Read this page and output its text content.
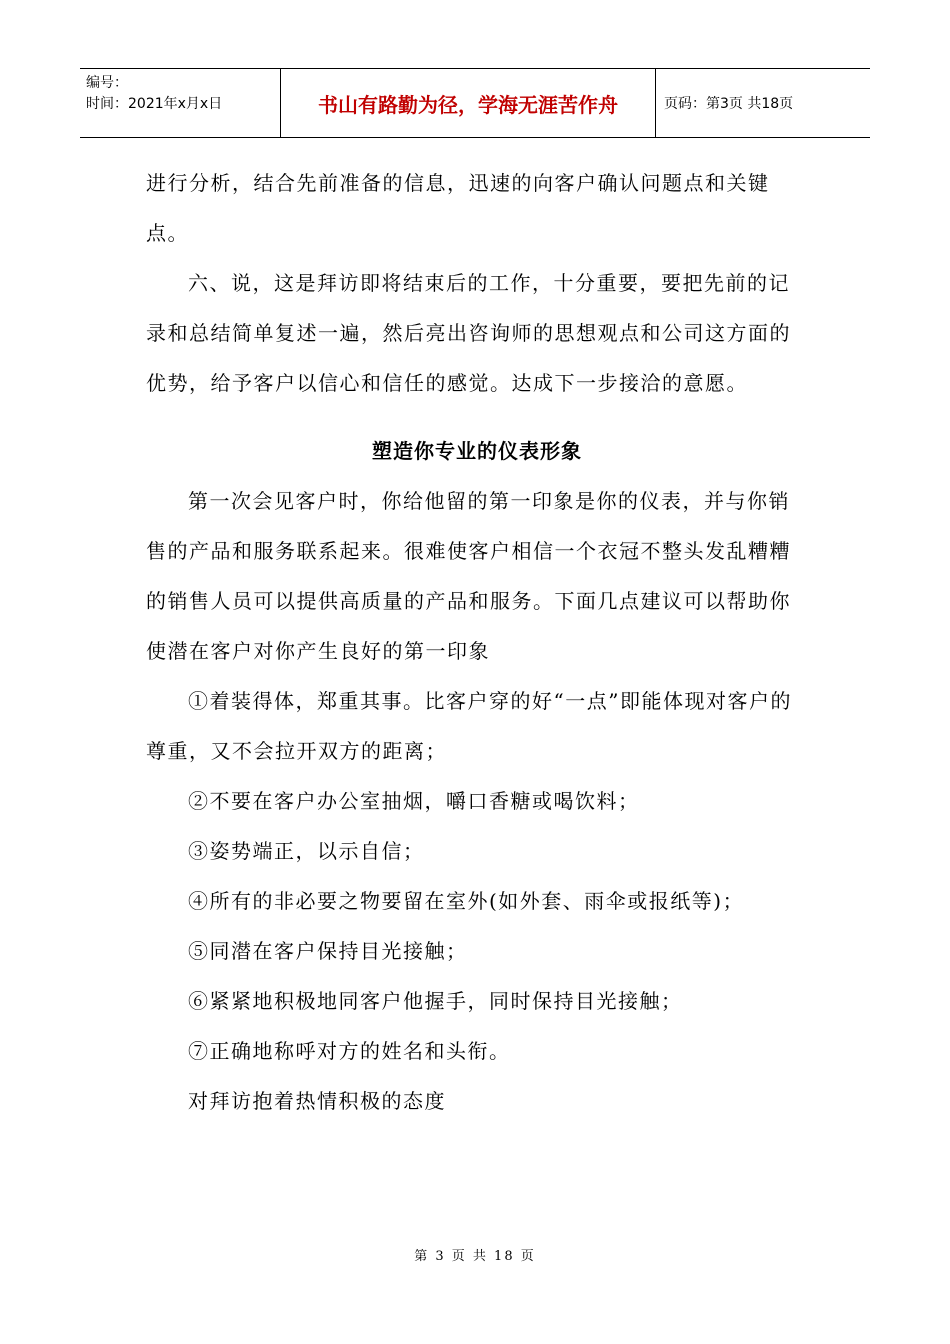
编号：
时间：2021年x月x日	书山有路勤为径，学海无涯苦作舟	页码：第3页 共18页

进行分析，结合先前准备的信息，迅速的向客户确认问题点和关键点。

六、说，这是拜访即将结束后的工作，十分重要，要把先前的记录和总结简单复述一遍，然后亮出咨询师的思想观点和公司这方面的优势，给予客户以信心和信任的感觉。达成下一步接洽的意愿。

塑造你专业的仪表形象

第一次会见客户时，你给他留的第一印象是你的仪表，并与你销售的产品和服务联系起来。很难使客户相信一个衣冠不整头发乱糟糟的销售人员可以提供高质量的产品和服务。下面几点建议可以帮助你使潜在客户对你产生良好的第一印象

①着装得体，郑重其事。比客户穿的好“一点”即能体现对客户的尊重，又不会拉开双方的距离；

②不要在客户办公室抽烟，嚼口香糖或喝饮料；

③姿势端正，以示自信；

④所有的非必要之物要留在室外(如外套、雨伞或报纸等)；

⑤同潜在客户保持目光接触；

⑥紧紧地积极地同客户他握手，同时保持目光接触；

⑦正确地称呼对方的姓名和头衔。

对拜访抱着热情积极的态度

第 3 页 共 18 页
